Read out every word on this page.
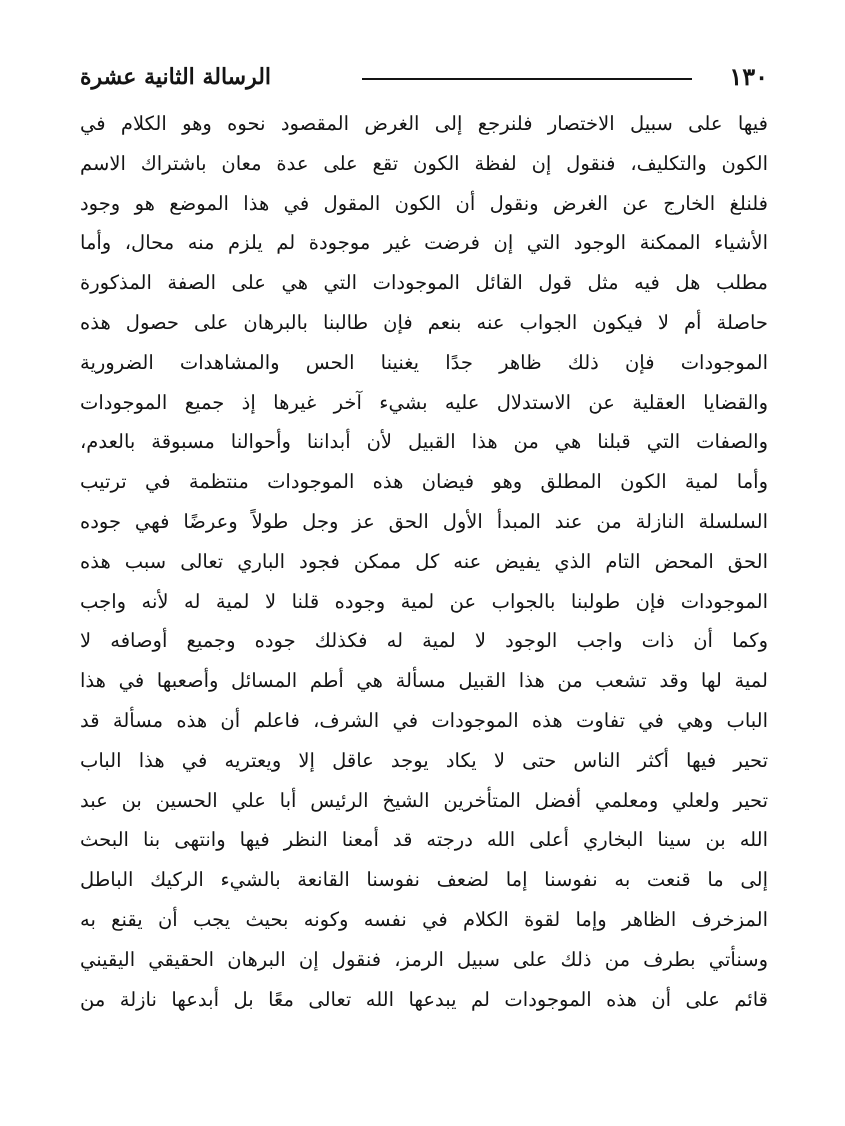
١٣٠
الرسالة الثانية عشرة
فيها على سبيل الاختصار فلنرجع إلى الغرض المقصود نحوه وهو الكلام في
الكون والتكليف، فنقول إن لفظة الكون تقع على عدة معان باشتراك الاسم
فلنلغ الخارج عن الغرض ونقول أن الكون المقول في هذا الموضع هو وجود
الأشياء الممكنة الوجود التي إن فرضت غير موجودة لم يلزم منه محال، وأما
مطلب هل فيه مثل قول القائل الموجودات التي هي على الصفة المذكورة
حاصلة أم لا فيكون الجواب عنه بنعم فإن طالبنا بالبرهان على حصول هذه
الموجودات فإن ذلك ظاهر جدًا يغنينا الحس والمشاهدات الضرورية
والقضايا العقلية عن الاستدلال عليه بشيء آخر غيرها إذ جميع الموجودات
والصفات التي قبلنا هي من هذا القبيل لأن أبداننا وأحوالنا مسبوقة بالعدم،
وأما لمية الكون المطلق وهو فيضان هذه الموجودات منتظمة في ترتيب
السلسلة النازلة من عند المبدأ الأول الحق عز وجل طولاً وعرضًا فهي جوده
الحق المحض التام الذي يفيض عنه كل ممكن فجود الباري تعالى سبب هذه
الموجودات فإن طولبنا بالجواب عن لمية وجوده قلنا لا لمية له لأنه واجب
وكما أن ذات واجب الوجود لا لمية له فكذلك جوده وجميع أوصافه لا
لمية لها وقد تشعب من هذا القبيل مسألة هي أطم المسائل وأصعبها في هذا
الباب وهي في تفاوت هذه الموجودات في الشرف، فاعلم أن هذه مسألة قد
تحير فيها أكثر الناس حتى لا يكاد يوجد عاقل إلا ويعتريه في هذا الباب
تحير ولعلي ومعلمي أفضل المتأخرين الشيخ الرئيس أبا علي الحسين بن عبد
الله بن سينا البخاري أعلى الله درجته قد أمعنا النظر فيها وانتهى بنا البحث
إلى ما قنعت به نفوسنا إما لضعف نفوسنا القانعة بالشيء الركيك الباطل
المزخرف الظاهر وإما لقوة الكلام في نفسه وكونه بحيث يجب أن يقنع به
وسنأتي بطرف من ذلك على سبيل الرمز، فنقول إن البرهان الحقيقي اليقيني
قائم على أن هذه الموجودات لم يبدعها الله تعالى معًا بل أبدعها نازلة من
